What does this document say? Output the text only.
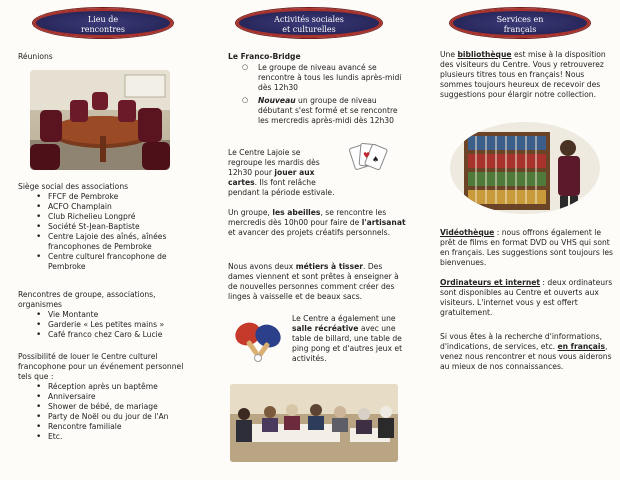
Lieu de
rencontres
Réunions
Siège social des associations
• FFCF de Pembroke
• ACFO Champlain
• Club Richelieu Longpré
• Société St-Jean-Baptiste
• Centre Lajoie des aînés, aînées francophones de Pembroke
• Centre culturel francophone de Pembroke
Rencontres de groupe, associations, organismes
• Vie Montante
• Garderie « Les petites mains »
• Café franco chez Caro & Lucie
Possibilité de louer le Centre culturel francophone pour un événement personnel tels que :
• Réception après un baptême
• Anniversaire
• Shower de bébé, de mariage
• Party de Noël ou du jour de l'An
• Rencontre familiale
• Etc.
Activités sociales
et culturelles
Le Franco-Bridge
○ Le groupe de niveau avancé se rencontre à tous les lundis après-midi dès 12h30
○ Nouveau un groupe de niveau débutant s'est formé et se rencontre les mercredis après-midi dès 12h30
Le Centre Lajoie se regroupe les mardis dès 12h30 pour jouer aux cartes. Ils font relâche pendant la période estivale.
♥ ♠
Un groupe, les abeilles, se rencontre les mercredis dès 10h00 pour faire de l'artisanat et avancer des projets créatifs personnels.
Nous avons deux métiers à tisser. Des dames viennent et sont prêtes à enseigner à de nouvelles personnes comment créer des linges à vaisselle et de beaux sacs.
Le Centre a également une salle récréative avec une table de billard, une table de ping pong et d'autres jeux et activités.
Services en
français
Une bibliothèque est mise à la disposition des visiteurs du Centre. Vous y retrouverez plusieurs titres tous en français! Nous sommes toujours heureux de recevoir des suggestions pour élargir notre collection.
Vidéothèque : nous offrons également le prêt de films en format DVD ou VHS qui sont en français. Les suggestions sont toujours les bienvenues.
Ordinateurs et internet : deux ordinateurs sont disponibles au Centre et ouverts aux visiteurs. L'internet vous y est offert gratuitement.
Si vous êtes à la recherche d'informations, d'indications, de services, etc. en français, venez nous rencontrer et nous vous aiderons au mieux de nos connaissances.
